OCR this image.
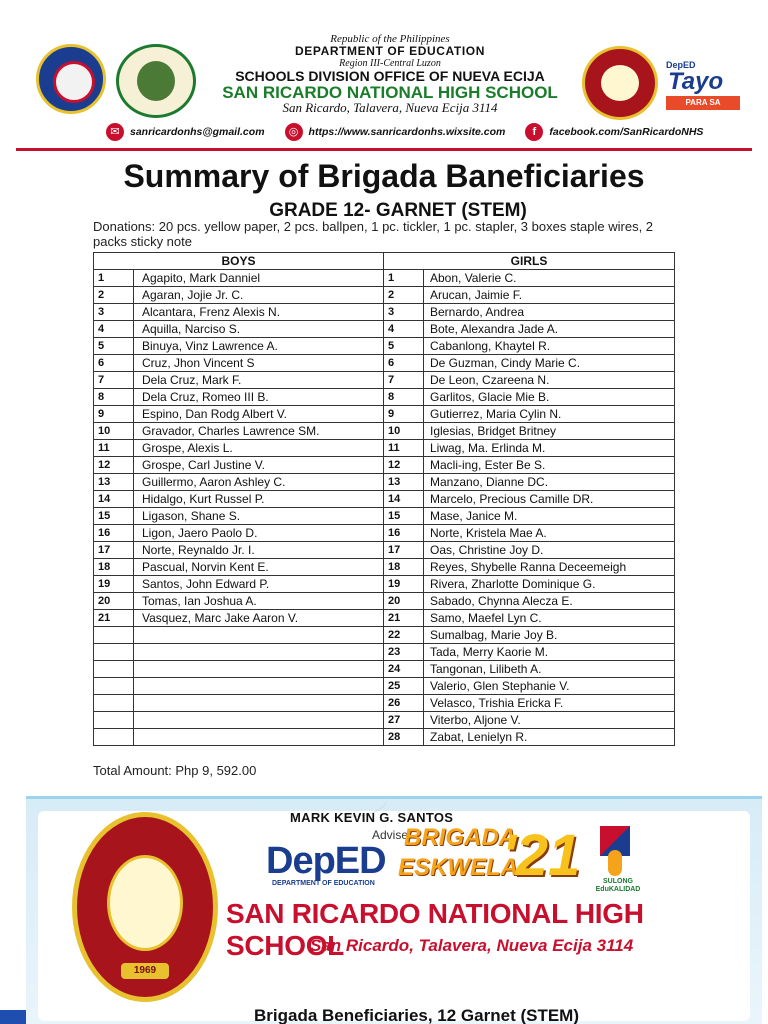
Republic of the Philippines
DEPARTMENT OF EDUCATION
Region III-Central Luzon
SCHOOLS DIVISION OFFICE OF NUEVA ECIJA
SAN RICARDO NATIONAL HIGH SCHOOL
San Ricardo, Talavera, Nueva Ecija 3114
DepED
Tayo
PARA SA EDUKASYON
✉ sanricardonhs@gmail.com	◎ https://www.sanricardonhs.wixsite.com	f	facebook.com/SanRicardoNHS
Summary of Brigada Baneficiaries
GRADE 12- GARNET (STEM)
Donations: 20 pcs. yellow paper, 2 pcs. ballpen, 1 pc. tickler, 1 pc. stapler, 3 boxes staple wires, 2 packs sticky note
BOYS		GIRLS	
1	Agapito, Mark Danniel	1	Abon, Valerie C.
2	Agaran, Jojie Jr. C.	2	Arucan, Jaimie F.
3	Alcantara, Frenz Alexis N.	3	Bernardo, Andrea
4	Aquilla, Narciso S.	4	Bote, Alexandra Jade A.
5	Binuya, Vinz Lawrence A.	5	Cabanlong, Khaytel R.
6	Cruz, Jhon Vincent S	6	De Guzman, Cindy Marie C.
7	Dela Cruz, Mark F.	7	De Leon, Czareena N.
8	Dela Cruz, Romeo III B.	8	Garlitos, Glacie Mie B.
9	Espino, Dan Rodg Albert V.	9	Gutierrez, Maria Cylin N.
10	Gravador, Charles Lawrence SM.	10	Iglesias, Bridget Britney
11	Grospe, Alexis L.	11	Liwag, Ma. Erlinda M.
12	Grospe, Carl Justine V.	12	Macli-ing, Ester Be S.
13	Guillermo, Aaron Ashley C.	13	Manzano, Dianne DC.
14	Hidalgo, Kurt Russel P.	14	Marcelo, Precious Camille DR.
15	Ligason, Shane S.	15	Mase, Janice M.
16	Ligon, Jaero Paolo D.	16	Norte, Kristela Mae A.
17	Norte, Reynaldo Jr. I.	17	Oas, Christine Joy D.
18	Pascual, Norvin Kent E.	18	Reyes, Shybelle Ranna Deceemeigh
19	Santos, John Edward P.	19	Rivera, Zharlotte Dominique G.
20	Tomas, Ian Joshua A.	20	Sabado, Chynna Alecza E.
21	Vasquez, Marc Jake Aaron V.	21	Samo, Maefel Lyn C.
		22	Sumalbag, Marie Joy B.
		23	Tada, Merry Kaorie M.
		24	Tangonan, Lilibeth A.
		25	Valerio, Glen Stephanie V.
		26	Velasco, Trishia Ericka F.
		27	Viterbo, Aljone V.
		28	Zabat, Lenielyn R.
Total Amount: Php 9, 592.00
MARK KEVIN G. SANTOS
Adviser
1969
DepED
DEPARTMENT OF EDUCATION
BRIGADA
ESKWELA
'21	SULONG EduKALIDAD
SAN RICARDO NATIONAL HIGH SCHOOL
San Ricardo, Talavera, Nueva Ecija 3114
Brigada Beneficiaries, 12 Garnet (STEM)
